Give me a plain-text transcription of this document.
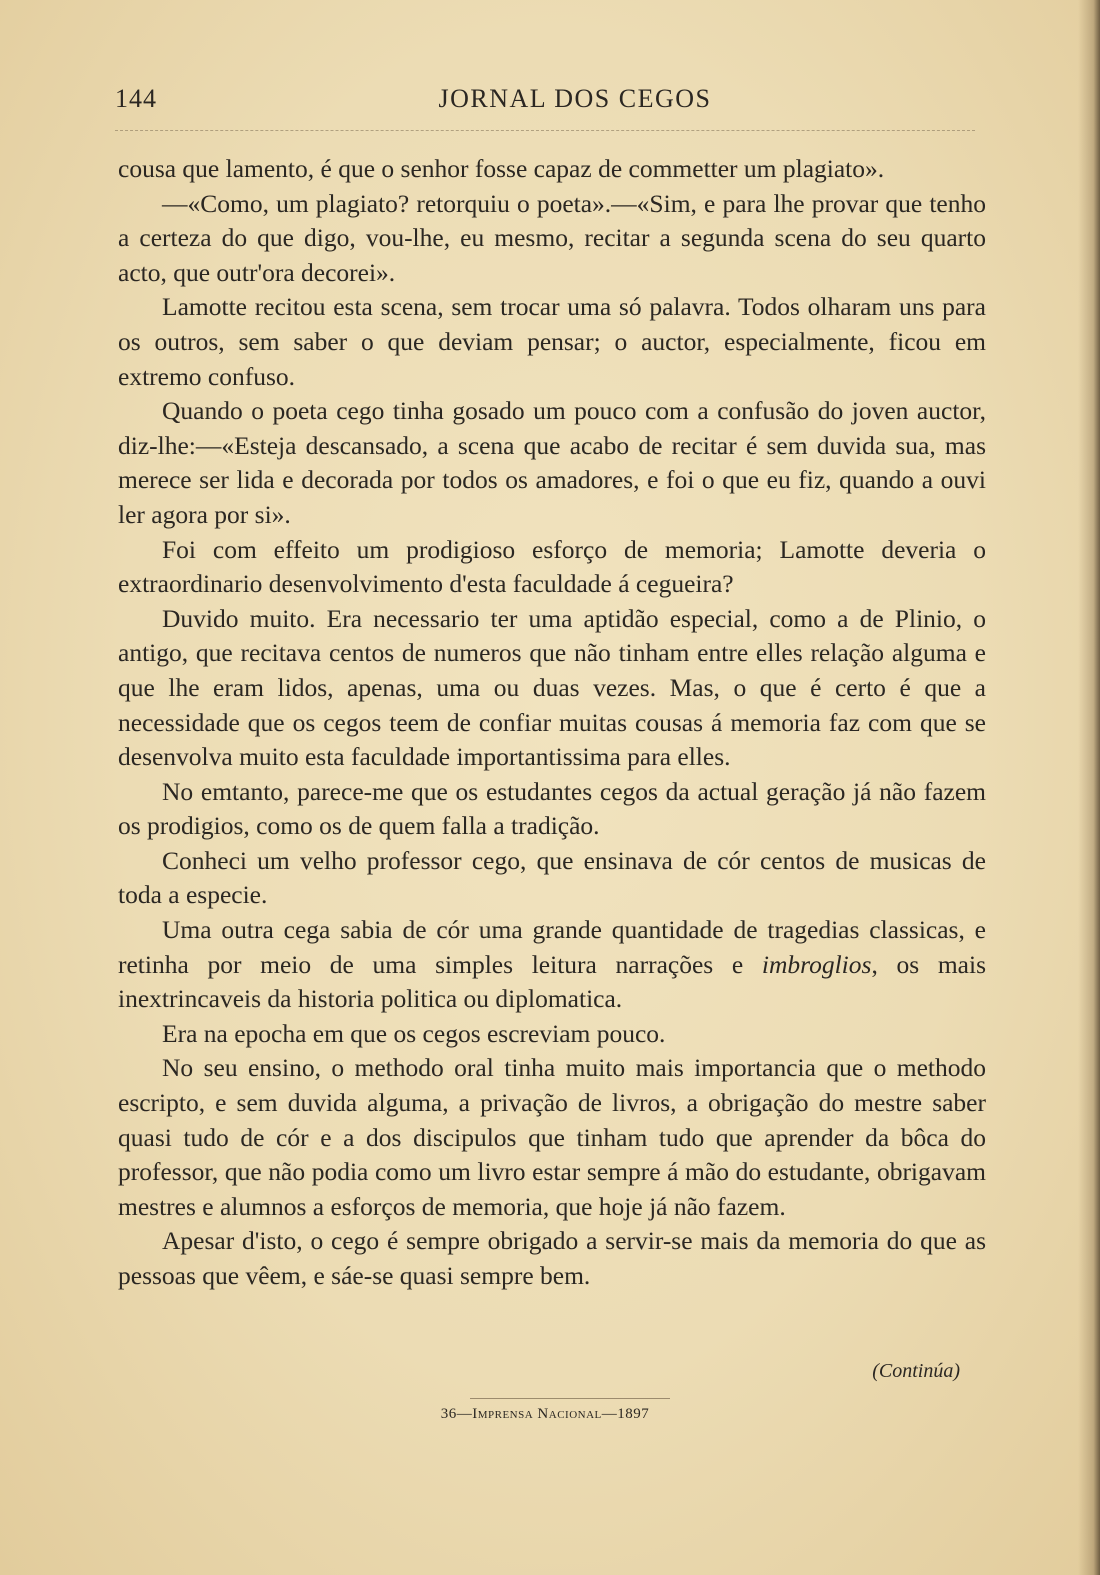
144	JORNAL DOS CEGOS

cousa que lamento, é que o senhor fosse capaz de commetter um plagiato».

—«Como, um plagiato? retorquiu o poeta».—«Sim, e para lhe provar que tenho a certeza do que digo, vou-lhe, eu mesmo, recitar a segunda scena do seu quarto acto, que outr'ora decorei».

Lamotte recitou esta scena, sem trocar uma só palavra. Todos olharam uns para os outros, sem saber o que deviam pensar; o auctor, especialmente, ficou em extremo confuso.

Quando o poeta cego tinha gosado um pouco com a confusão do joven auctor, diz-lhe:—«Esteja descansado, a scena que acabo de recitar é sem duvida sua, mas merece ser lida e decorada por todos os amadores, e foi o que eu fiz, quando a ouvi ler agora por si».

Foi com effeito um prodigioso esforço de memoria; Lamotte deveria o extraordinario desenvolvimento d'esta faculdade á cegueira?

Duvido muito. Era necessario ter uma aptidão especial, como a de Plinio, o antigo, que recitava centos de numeros que não tinham entre elles relação alguma e que lhe eram lidos, apenas, uma ou duas vezes. Mas, o que é certo é que a necessidade que os cegos teem de confiar muitas cousas á memoria faz com que se desenvolva muito esta faculdade importantissima para elles.

No emtanto, parece-me que os estudantes cegos da actual geração já não fazem os prodigios, como os de quem falla a tradição.

Conheci um velho professor cego, que ensinava de cór centos de musicas de toda a especie.

Uma outra cega sabia de cór uma grande quantidade de tragedias classicas, e retinha por meio de uma simples leitura narrações e imbroglios, os mais inextrincaveis da historia politica ou diplomatica.

Era na epocha em que os cegos escreviam pouco.

No seu ensino, o methodo oral tinha muito mais importancia que o methodo escripto, e sem duvida alguma, a privação de livros, a obrigação do mestre saber quasi tudo de cór e a dos discipulos que tinham tudo que aprender da bôca do professor, que não podia como um livro estar sempre á mão do estudante, obrigavam mestres e alumnos a esforços de memoria, que hoje já não fazem.

Apesar d'isto, o cego é sempre obrigado a servir-se mais da memoria do que as pessoas que vêem, e sáe-se quasi sempre bem.

(Continúa)
36—Imprensa Nacional—1897
